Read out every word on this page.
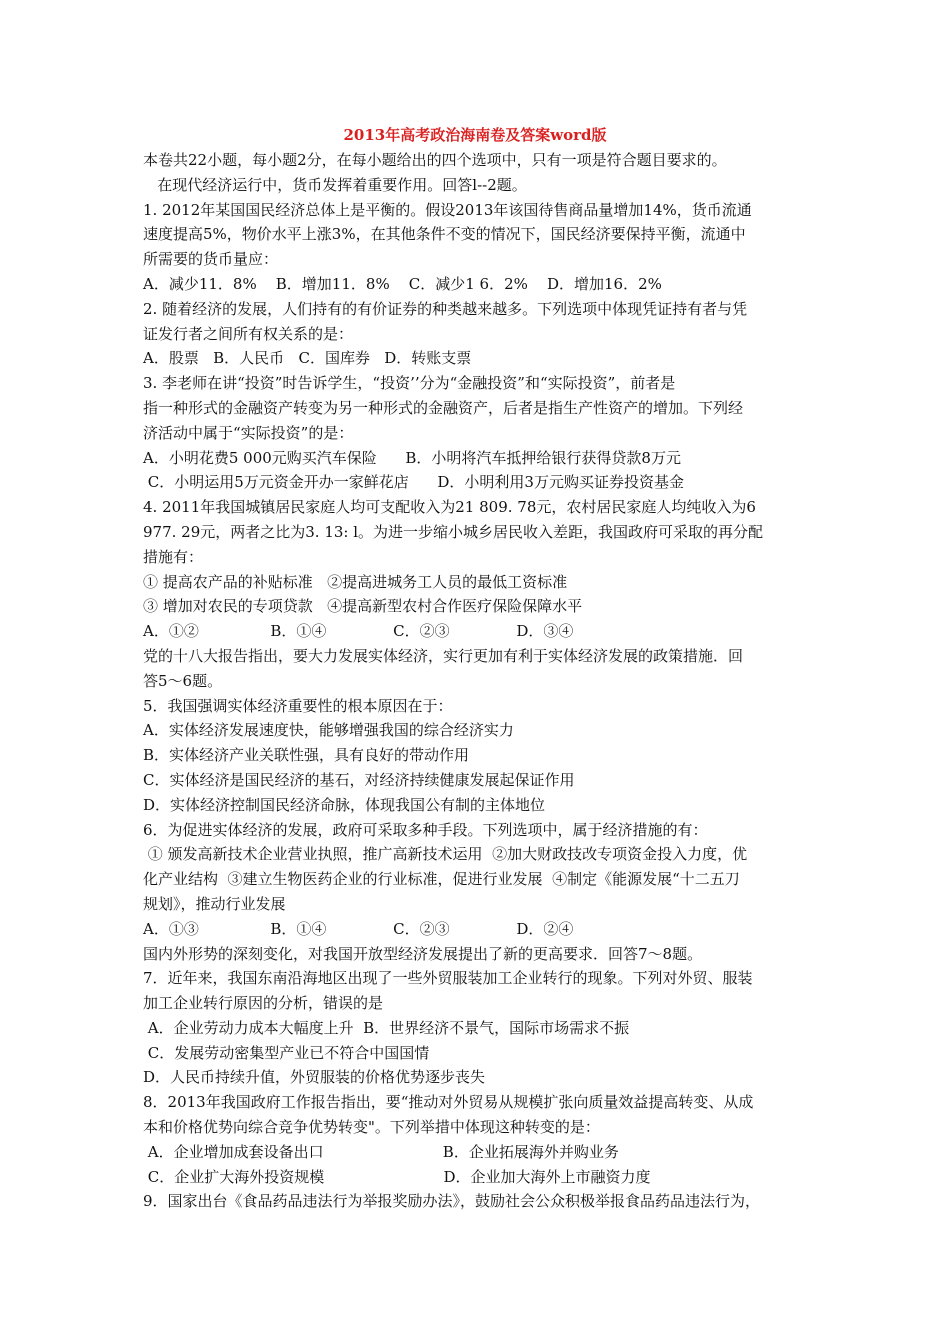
2013年高考政治海南卷及答案word版
本卷共22小题，每小题2分，在每小题给出的四个选项中，只有一项是符合题目要求的。
在现代经济运行中，货币发挥着重要作用。回答l--2题。
1. 2012年某国国民经济总体上是平衡的。假设2013年该国待售商品量增加14%，货币流通
速度提高5%，物价水平上涨3%，在其他条件不变的情况下，国民经济要保持平衡，流通中
所需要的货币量应：
A．减少11．8%    B．增加11．8%    C．减少1 6．2%    D．增加16．2%
2. 随着经济的发展，人们持有的有价证券的种类越来越多。下列选项中体现凭证持有者与凭
证发行者之间所有权关系的是：
A．股票   B．人民币   C．国库券   D．转账支票
3. 李老师在讲“投资”时告诉学生，“投资’’分为“金融投资”和“实际投资”，前者是
指一种形式的金融资产转变为另一种形式的金融资产，后者是指生产性资产的增加。下列经
济活动中属于“实际投资”的是：
A．小明花费5 000元购买汽车保险      B．小明将汽车抵押给银行获得贷款8万元
C．小明运用5万元资金开办一家鲜花店      D．小明利用3万元购买证券投资基金
4. 2011年我国城镇居民家庭人均可支配收入为21 809. 78元，农村居民家庭人均纯收入为6
977. 29元，两者之比为3. 13: l。为进一步缩小城乡居民收入差距，我国政府可采取的再分配
措施有：
① 提高农产品的补贴标准   ②提高进城务工人员的最低工资标准
③ 增加对农民的专项贷款   ④提高新型农村合作医疗保险保障水平
A．①②               B．①④              C．②③              D．③④
党的十八大报告指出，要大力发展实体经济，实行更加有利于实体经济发展的政策措施．回
答5～6题。
5．我国强调实体经济重要性的根本原因在于：
A．实体经济发展速度快，能够增强我国的综合经济实力
B．实体经济产业关联性强，具有良好的带动作用
C．实体经济是国民经济的基石，对经济持续健康发展起保证作用
D．实体经济控制国民经济命脉，体现我国公有制的主体地位
6．为促进实体经济的发展，政府可采取多种手段。下列选项中，属于经济措施的有：
① 颁发高新技术企业营业执照，推广高新技术运用  ②加大财政技改专项资金投入力度，优
化产业结构  ③建立生物医药企业的行业标准，促进行业发展  ④制定《能源发展“十二五刀
规划》，推动行业发展
A．①③               B．①④              C．②③              D．②④
国内外形势的深刻变化，对我国开放型经济发展提出了新的更高要求．回答7～8题。
7．近年来，我国东南沿海地区出现了一些外贸服装加工企业转行的现象。下列对外贸、服装
加工企业转行原因的分析，错误的是
A．企业劳动力成本大幅度上升  B．世界经济不景气，国际市场需求不振
C．发展劳动密集型产业已不符合中国国情
D．人民币持续升值，外贸服装的价格优势逐步丧失
8．2013年我国政府工作报告指出，要“推动对外贸易从规模扩张向质量效益提高转变、从成
本和价格优势向综合竞争优势转变"。下列举措中体现这种转变的是：
A．企业增加成套设备出口                         B．企业拓展海外并购业务
C．企业扩大海外投资规模                         D．企业加大海外上市融资力度
9．国家出台《食品药品违法行为举报奖励办法》，鼓励社会公众积极举报食品药品违法行为，
